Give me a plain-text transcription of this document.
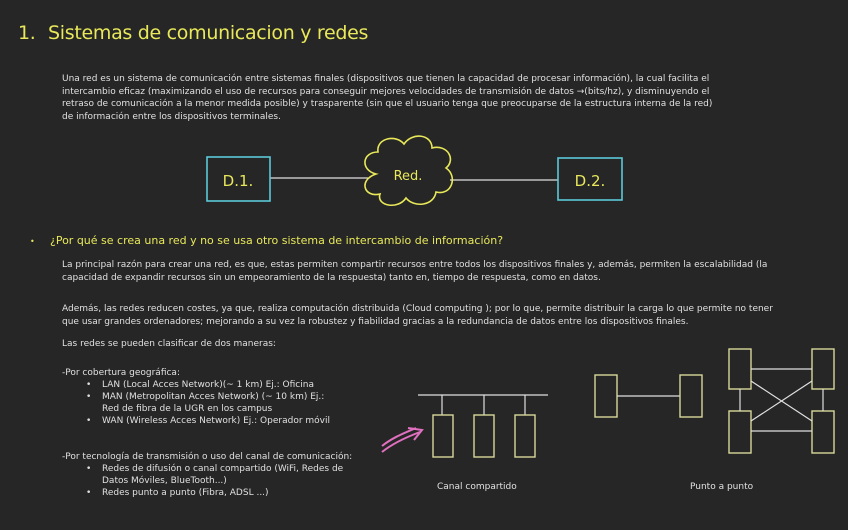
1. Sistemas de comunicacion y redes
Una red es un sistema de comunicación entre sistemas finales (dispositivos que tienen la capacidad de procesar información), la cual facilita el
intercambio eficaz (maximizando el uso de recursos para conseguir mejores velocidades de transmisión de datos →(bits/hz), y disminuyendo el
retraso de comunicación a la menor medida posible) y trasparente (sin que el usuario tenga que preocuparse de la estructura interna de la red)
de información entre los dispositivos terminales.
D.1.	Red.	D.2.
• ¿Por qué se crea una red y no se usa otro sistema de intercambio de información?
La principal razón para crear una red, es que, estas permiten compartir recursos entre todos los dispositivos finales y, además, permiten la escalabilidad (la
capacidad de expandir recursos sin un empeoramiento de la respuesta) tanto en, tiempo de respuesta, como en datos.
Además, las redes reducen costes, ya que, realiza computación distribuida (Cloud computing ); por lo que, permite distribuir la carga lo que permite no tener
que usar grandes ordenadores; mejorando a su vez la robustez y fiabilidad gracias a la redundancia de datos entre los dispositivos finales.
Las redes se pueden clasificar de dos maneras:
-Por cobertura geográfica:
• LAN (Local Acces Network)(~ 1 km) Ej.: Oficina
• MAN (Metropolitan Acces Network) (~ 10 km) Ej.:
Red de fibra de la UGR en los campus
• WAN (Wireless Acces Network) Ej.: Operador móvil
-Por tecnología de transmisión o uso del canal de comunicación:
• Redes de difusión o canal compartido (WiFi, Redes de
Datos Móviles, BlueTooth...)
• Redes punto a punto (Fibra, ADSL ...)
Canal compartido	Punto a punto
